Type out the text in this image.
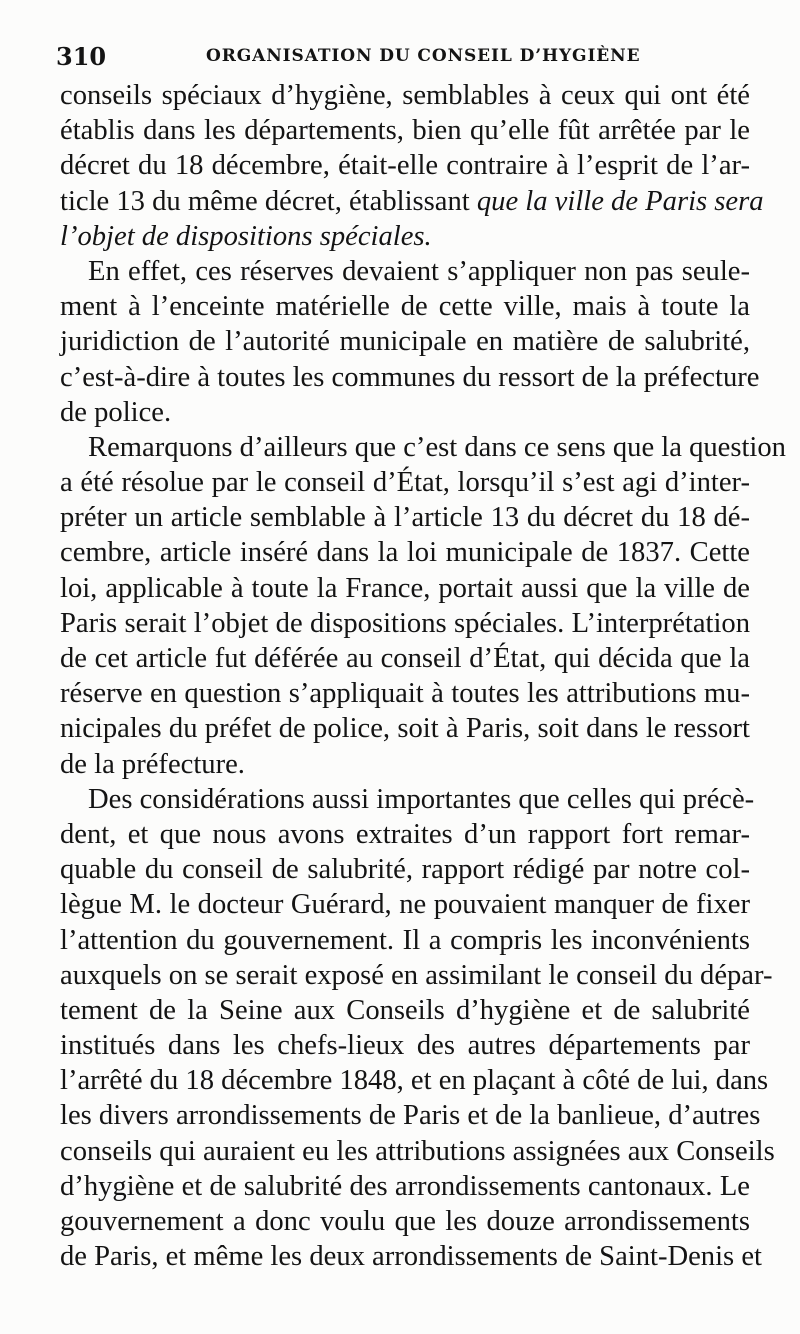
310	ORGANISATION DU CONSEIL D’HYGIÈNE
conseils spéciaux d’hygiène, semblables à ceux qui ont été
établis dans les départements, bien qu’elle fût arrêtée par le
décret du 18 décembre, était-elle contraire à l’esprit de l’ar-
ticle 13 du même décret, établissant que la ville de Paris sera
l’objet de dispositions spéciales.
En effet, ces réserves devaient s’appliquer non pas seule-
ment à l’enceinte matérielle de cette ville, mais à toute la
juridiction de l’autorité municipale en matière de salubrité,
c’est-à-dire à toutes les communes du ressort de la préfecture
de police.
Remarquons d’ailleurs que c’est dans ce sens que la question
a été résolue par le conseil d’État, lorsqu’il s’est agi d’inter-
préter un article semblable à l’article 13 du décret du 18 dé-
cembre, article inséré dans la loi municipale de 1837. Cette
loi, applicable à toute la France, portait aussi que la ville de
Paris serait l’objet de dispositions spéciales. L’interprétation
de cet article fut déférée au conseil d’État, qui décida que la
réserve en question s’appliquait à toutes les attributions mu-
nicipales du préfet de police, soit à Paris, soit dans le ressort
de la préfecture.
Des considérations aussi importantes que celles qui précè-
dent, et que nous avons extraites d’un rapport fort remar-
quable du conseil de salubrité, rapport rédigé par notre col-
lègue M. le docteur Guérard, ne pouvaient manquer de fixer
l’attention du gouvernement. Il a compris les inconvénients
auxquels on se serait exposé en assimilant le conseil du dépar-
tement de la Seine aux Conseils d’hygiène et de salubrité
institués dans les chefs-lieux des autres départements par
l’arrêté du 18 décembre 1848, et en plaçant à côté de lui, dans
les divers arrondissements de Paris et de la banlieue, d’autres
conseils qui auraient eu les attributions assignées aux Conseils
d’hygiène et de salubrité des arrondissements cantonaux. Le
gouvernement a donc voulu que les douze arrondissements
de Paris, et même les deux arrondissements de Saint-Denis et
